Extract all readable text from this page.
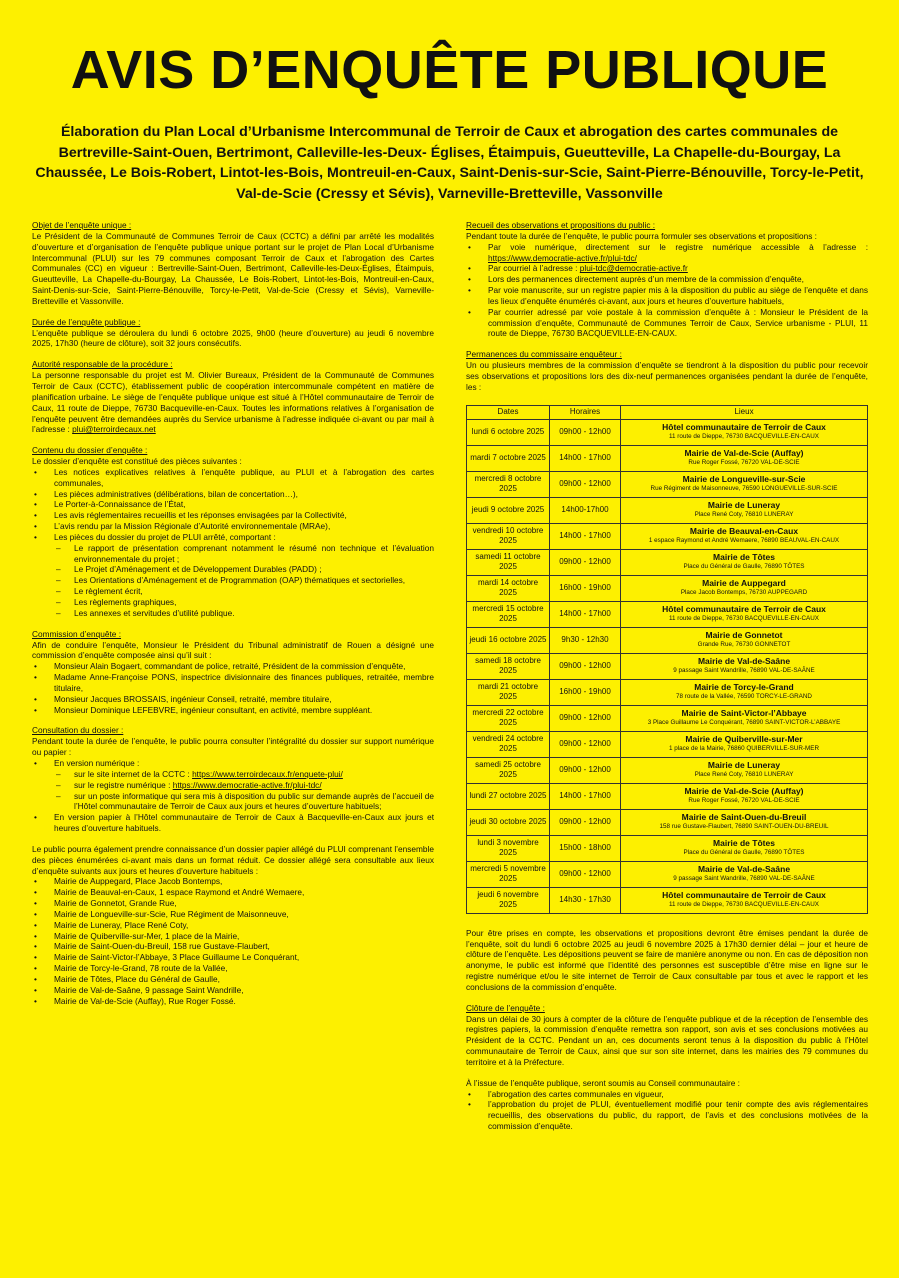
AVIS D’ENQUÊTE PUBLIQUE
Élaboration du Plan Local d’Urbanisme Intercommunal de Terroir de Caux et abrogation des cartes communales de Bertreville-Saint-Ouen, Bertrimont, Calleville-les-Deux- Églises, Étaimpuis, Gueutteville, La Chapelle-du-Bourgay, La Chaussée, Le Bois-Robert, Lintot-les-Bois, Montreuil-en-Caux, Saint-Denis-sur-Scie, Saint-Pierre-Bénouville, Torcy-le-Petit, Val-de-Scie (Cressy et Sévis), Varneville-Bretteville, Vassonville
Objet de l’enquête unique :

Le Président de la Communauté de Communes Terroir de Caux (CCTC) a défini par arrêté les modalités d’ouverture et d’organisation de l’enquête publique unique portant sur le projet de Plan Local d’Urbanisme Intercommunal (PLUI) sur les 79 communes composant Terroir de Caux et l’abrogation des Cartes Communales (CC) en vigueur : Bertreville-Saint-Ouen, Bertrimont, Calleville-les-Deux-Églises, Étaimpuis, Gueutteville, La Chapelle-du-Bourgay, La Chaussée, Le Bois-Robert, Lintot-les-Bois, Montreuil-en-Caux, Saint-Denis-sur-Scie, Saint-Pierre-Bénouville, Torcy-le-Petit, Val-de-Scie (Cressy et Sévis), Varneville-Bretteville et Vassonville.

Durée de l’enquête publique :

L’enquête publique se déroulera du lundi 6 octobre 2025, 9h00 (heure d’ouverture) au jeudi 6 novembre 2025, 17h30 (heure de clôture), soit 32 jours consécutifs.

Autorité responsable de la procédure :

La personne responsable du projet est M. Olivier Bureaux, Président de la Communauté de Communes Terroir de Caux (CCTC), établissement public de coopération intercommunale compétent en matière de planification urbaine. Le siège de l’enquête publique unique est situé à l’Hôtel communautaire de Terroir de Caux, 11 route de Dieppe, 76730 Bacqueville-en-Caux. Toutes les informations relatives à l’organisation de l’enquête peuvent être demandées auprès du Service urbanisme à l’adresse indiquée ci-avant ou par mail à l’adresse : plui@terroirdecaux.net

Contenu du dossier d’enquête :

Le dossier d’enquête est constitué des pièces suivantes :

• Les notices explicatives relatives à l’enquête publique, au PLUI et à l’abrogation des cartes communales,
• Les pièces administratives (délibérations, bilan de concertation…),
• Le Porter-à-Connaissance de l’État,
• Les avis réglementaires recueillis et les réponses envisagées par la Collectivité,
• L’avis rendu par la Mission Régionale d’Autorité environnementale (MRAe),
• Les pièces du dossier du projet de PLUI arrêté, comportant :
– Le rapport de présentation comprenant notamment le résumé non technique et l’évaluation environnementale du projet ;
– Le Projet d’Aménagement et de Développement Durables (PADD) ;
– Les Orientations d’Aménagement et de Programmation (OAP) thématiques et sectorielles,
– Le règlement écrit,
– Les règlements graphiques,
– Les annexes et servitudes d’utilité publique.
Commission d’enquête :

Afin de conduire l’enquête, Monsieur le Président du Tribunal administratif de Rouen a désigné une commission d’enquête composée ainsi qu’il suit :

• Monsieur Alain Bogaert, commandant de police, retraité, Président de la commission d’enquête,
• Madame Anne-Françoise PONS, inspectrice divisionnaire des finances publiques, retraitée, membre titulaire,
• Monsieur Jacques BROSSAIS, ingénieur Conseil, retraité, membre titulaire,
• Monsieur Dominique LEFEBVRE, ingénieur consultant, en activité, membre suppléant.
Consultation du dossier :

Pendant toute la durée de l’enquête, le public pourra consulter l’intégralité du dossier sur support numérique ou papier :

• En version numérique :
– sur le site internet de la CCTC : https://www.terroirdecaux.fr/enquete-plui/
– sur le registre numérique : https://www.democratie-active.fr/plui-tdc/
– sur un poste informatique qui sera mis à disposition du public sur demande auprès de l’accueil de l’Hôtel communautaire de Terroir de Caux aux jours et heures d’ouverture habituels;
• En version papier à l’Hôtel communautaire de Terroir de Caux à Bacqueville-en-Caux aux jours et heures d’ouverture habituels.

Le public pourra également prendre connaissance d’un dossier papier allégé du PLUI comprenant l’ensemble des pièces énumérées ci-avant mais dans un format réduit. Ce dossier allégé sera consultable aux lieux d’enquête suivants aux jours et heures d’ouverture habituels :

• Mairie de Auppegard, Place Jacob Bontemps,
• Mairie de Beauval-en-Caux, 1 espace Raymond et André Wemaere,
• Mairie de Gonnetot, Grande Rue,
• Mairie de Longueville-sur-Scie, Rue Régiment de Maisonneuve,
• Mairie de Luneray, Place René Coty,
• Mairie de Quiberville-sur-Mer, 1 place de la Mairie,
• Mairie de Saint-Ouen-du-Breuil, 158 rue Gustave-Flaubert,
• Mairie de Saint-Victor-l’Abbaye, 3 Place Guillaume Le Conquérant,
• Mairie de Torcy-le-Grand, 78 route de la Vallée,
• Mairie de Tôtes, Place du Général de Gaulle,
• Mairie de Val-de-Saâne, 9 passage Saint Wandrille,
• Mairie de Val-de-Scie (Auffay), Rue Roger Fossé.
Recueil des observations et propositions du public :

Pendant toute la durée de l’enquête, le public pourra formuler ses observations et propositions :

• Par voie numérique, directement sur le registre numérique accessible à l’adresse : https://www.democratie-active.fr/plui-tdc/
• Par courriel à l’adresse : plui-tdc@democratie-active.fr
• Lors des permanences directement auprès d’un membre de la commission d’enquête,
• Par voie manuscrite, sur un registre papier mis à la disposition du public au siège de l’enquête et dans les lieux d’enquête énumérés ci-avant, aux jours et heures d’ouverture habituels,
• Par courrier adressé par voie postale à la commission d’enquête à : Monsieur le Président de la commission d’enquête, Communauté de Communes Terroir de Caux, Service urbanisme - PLUI, 11 route de Dieppe, 76730 BACQUEVILLE-EN-CAUX.
Permanences du commissaire enquêteur :

Un ou plusieurs membres de la commission d’enquête se tiendront à la disposition du public pour recevoir ses observations et propositions lors des dix-neuf permanences organisées pendant la durée de l’enquête, les :

Dates	Horaires	Lieux
lundi 6 octobre 2025	09h00 - 12h00	Hôtel communautaire de Terroir de Caux
11 route de Dieppe, 76730 BACQUEVILLE-EN-CAUX

mardi 7 octobre 2025	14h00 - 17h00	Mairie de Val-de-Scie (Auffay)
Rue Roger Fossé, 76720 VAL-DE-SCIE

mercredi 8 octobre 2025	09h00 - 12h00	Mairie de Longueville-sur-Scie
Rue Régiment de Maisonneuve, 76590 LONGUEVILLE-SUR-SCIE

jeudi 9 octobre 2025	14h00-17h00	Mairie de Luneray
Place René Coty, 76810 LUNERAY

vendredi 10 octobre 2025	14h00 - 17h00	Mairie de Beauval-en-Caux
1 espace Raymond et André Wemaere, 76890 BEAUVAL-EN-CAUX

samedi 11 octobre 2025	09h00 - 12h00	Mairie de Tôtes
Place du Général de Gaulle, 76890 TÔTES

mardi 14 octobre 2025	16h00 - 19h00	Mairie de Auppegard
Place Jacob Bontemps, 76730 AUPPEGARD

mercredi 15 octobre 2025	14h00 - 17h00	Hôtel communautaire de Terroir de Caux
11 route de Dieppe, 76730 BACQUEVILLE-EN-CAUX

jeudi 16 octobre 2025	9h30 - 12h30	Mairie de Gonnetot
Grande Rue, 76730 GONNETOT

samedi 18 octobre 2025	09h00 - 12h00	Mairie de Val-de-Saâne
9 passage Saint Wandrille, 76890 VAL-DE-SAÂNE

mardi 21 octobre 2025	16h00 - 19h00	Mairie de Torcy-le-Grand
78 route de la Vallée, 76590 TORCY-LE-GRAND

mercredi 22 octobre 2025	09h00 - 12h00	Mairie de Saint-Victor-l’Abbaye
3 Place Guillaume Le Conquérant, 76890 SAINT-VICTOR-L’ABBAYE

vendredi 24 octobre 2025	09h00 - 12h00	Mairie de Quiberville-sur-Mer
1 place de la Mairie, 76860 QUIBERVILLE-SUR-MER

samedi 25 octobre 2025	09h00 - 12h00	Mairie de Luneray
Place René Coty, 76810 LUNERAY

lundi 27 octobre 2025	14h00 - 17h00	Mairie de Val-de-Scie (Auffay)
Rue Roger Fossé, 76720 VAL-DE-SCIE

jeudi 30 octobre 2025	09h00 - 12h00	Mairie de Saint-Ouen-du-Breuil
158 rue Gustave-Flaubert, 76890 SAINT-OUEN-DU-BREUIL

lundi 3 novembre 2025	15h00 - 18h00	Mairie de Tôtes
Place du Général de Gaulle, 76890 TÔTES

mercredi 5 novembre 2025	09h00 - 12h00	Mairie de Val-de-Saâne
9 passage Saint Wandrille, 76890 VAL-DE-SAÂNE

jeudi 6 novembre 2025	14h30 - 17h30	Hôtel communautaire de Terroir de Caux
11 route de Dieppe, 76730 BACQUEVILLE-EN-CAUX

Pour être prises en compte, les observations et propositions devront être émises pendant la durée de l’enquête, soit du lundi 6 octobre 2025 au jeudi 6 novembre 2025 à 17h30 dernier délai – jour et heure de clôture de l’enquête. Les dépositions peuvent se faire de manière anonyme ou non. En cas de déposition non anonyme, le public est informé que l’identité des personnes est susceptible d’être mise en ligne sur le registre numérique et/ou le site internet de Terroir de Caux consultable par tous et avec le rapport et les conclusions de la commission d’enquête.

Clôture de l’enquête :

Dans un délai de 30 jours à compter de la clôture de l’enquête publique et de la réception de l’ensemble des registres papiers, la commission d’enquête remettra son rapport, son avis et ses conclusions motivées au Président de la CCTC. Pendant un an, ces documents seront tenus à la disposition du public à l’Hôtel communautaire de Terroir de Caux, ainsi que sur son site internet, dans les mairies des 79 communes du territoire et à la Préfecture.

À l’issue de l’enquête publique, seront soumis au Conseil communautaire :

• l’abrogation des cartes communales en vigueur,
• l’approbation du projet de PLUI, éventuellement modifié pour tenir compte des avis réglementaires recueillis, des observations du public, du rapport, de l’avis et des conclusions motivées de la commission d’enquête.
